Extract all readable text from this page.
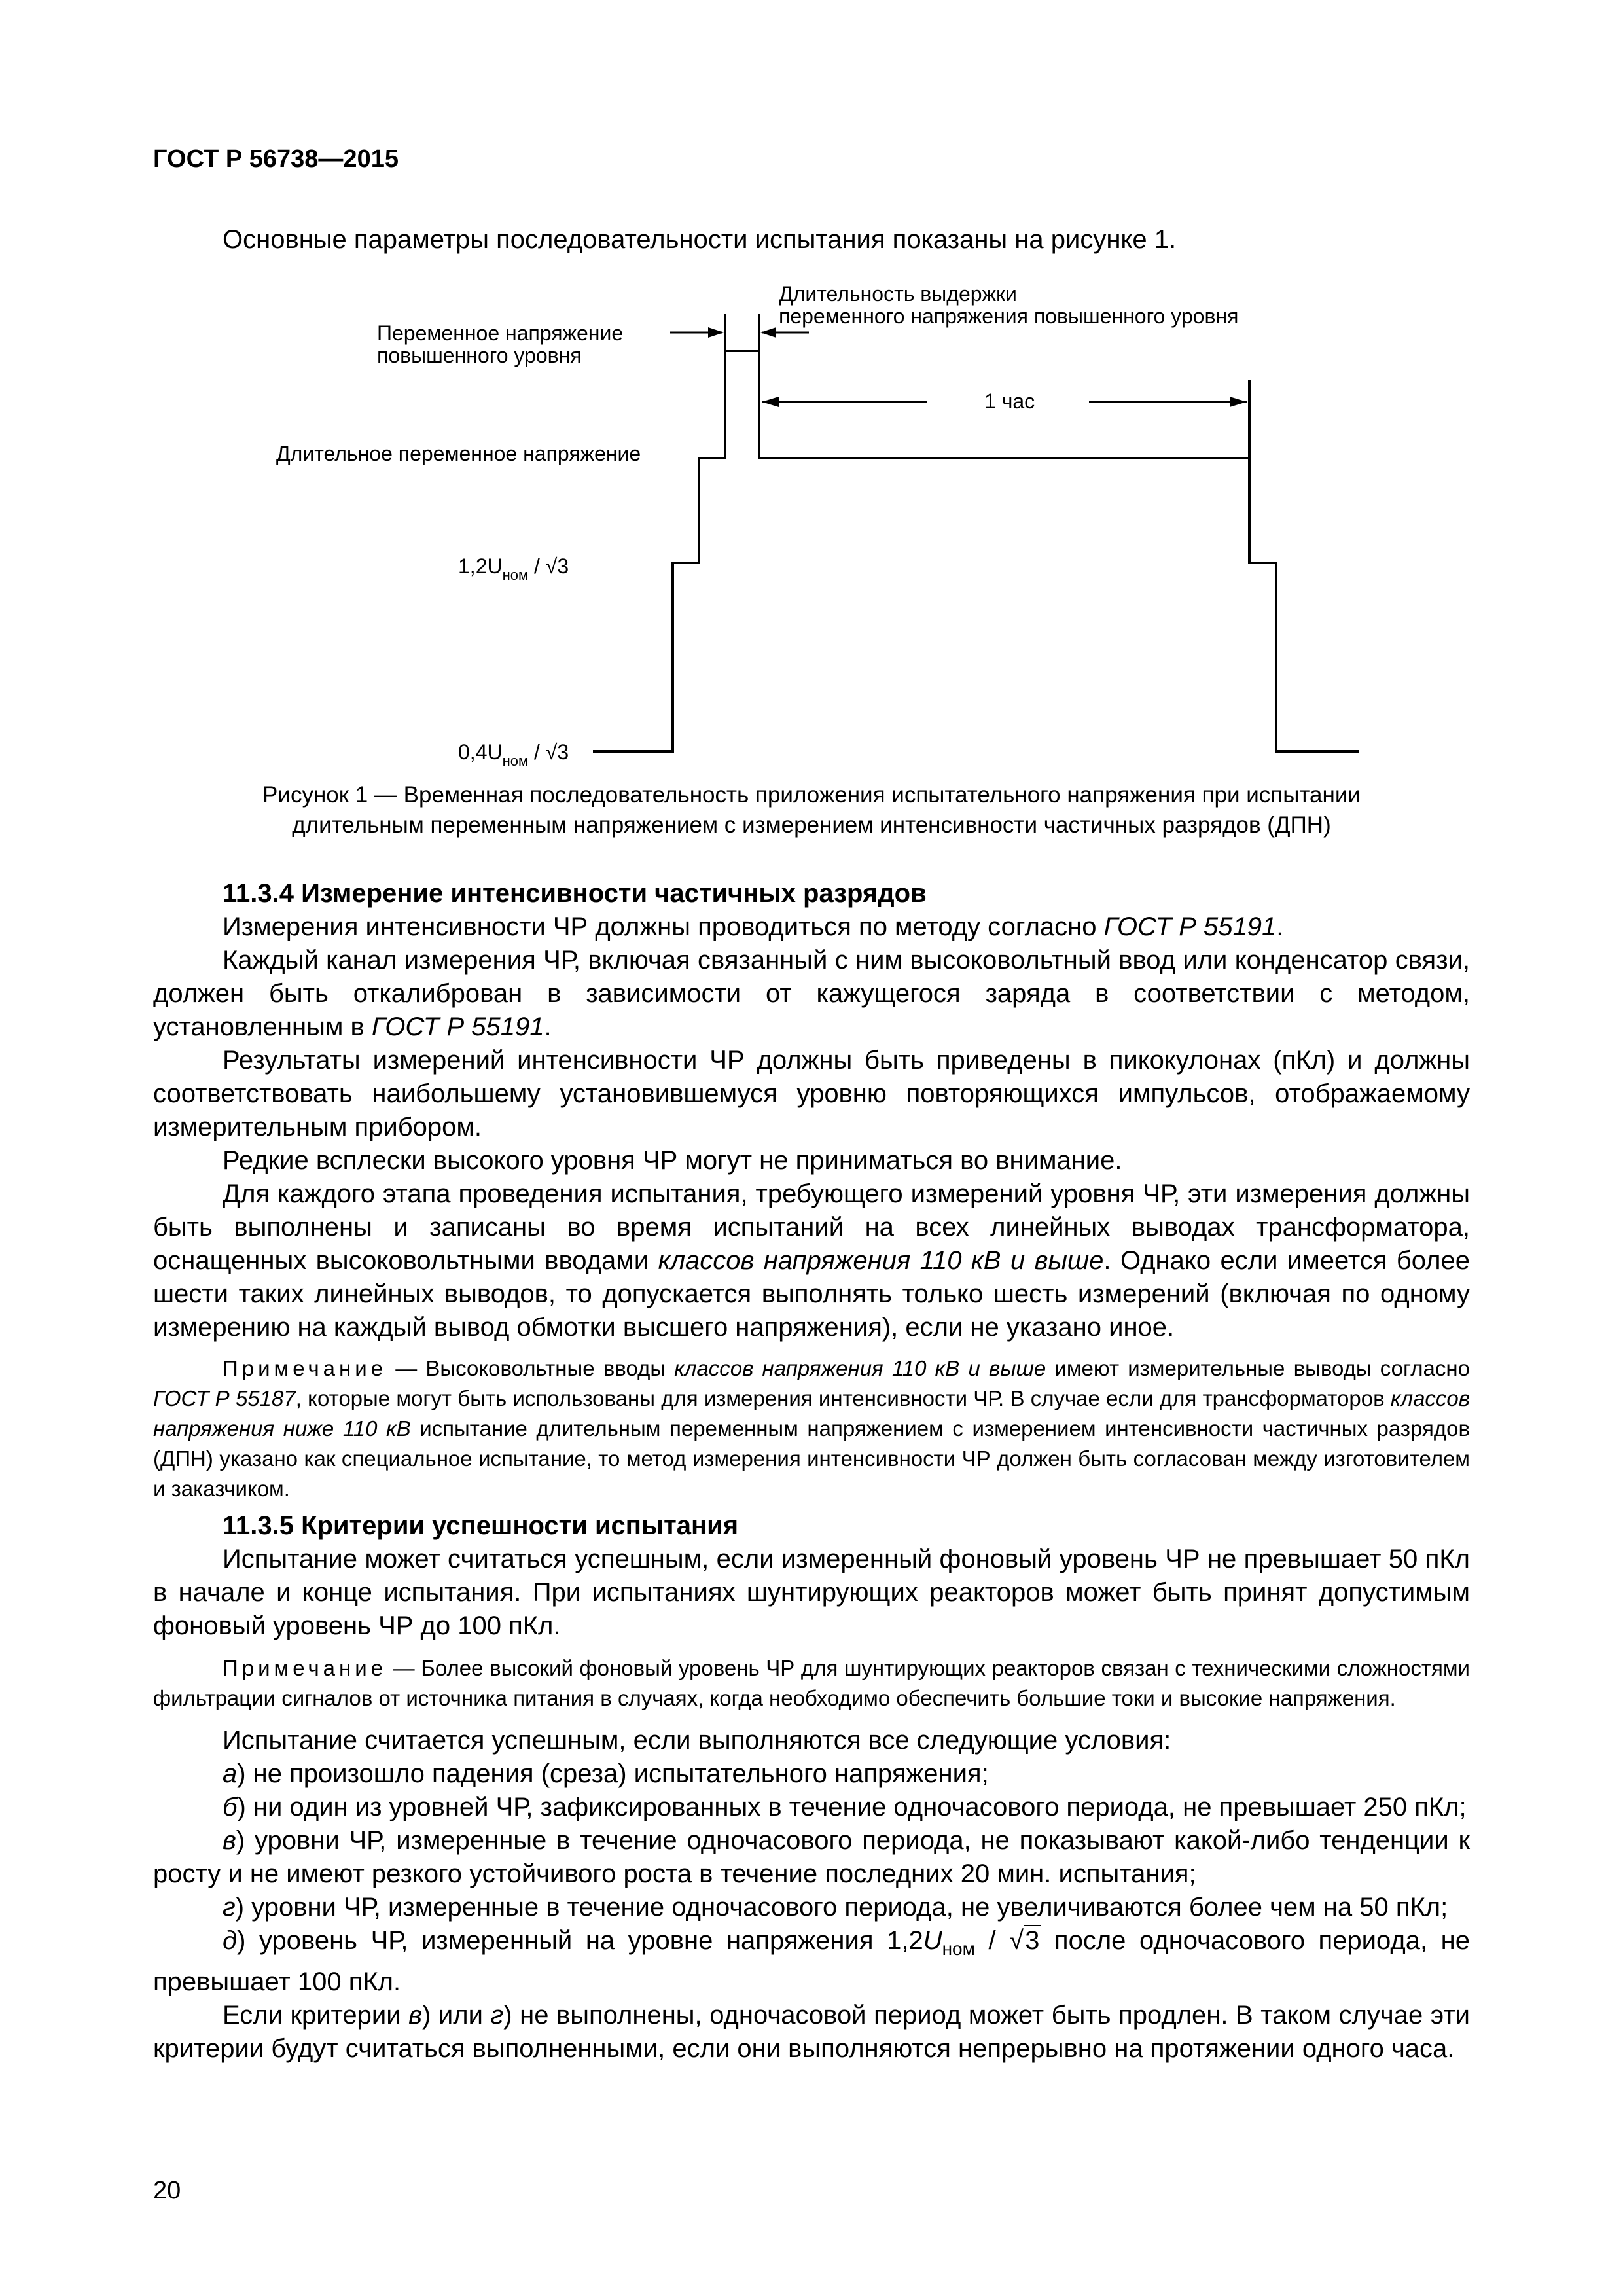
ГОСТ Р 56738—2015
Основные параметры последовательности испытания показаны на рисунке 1.
Длительность выдержки
переменного напряжения повышенного уровня
Переменное напряжение
повышенного уровня
1 час
Длительное переменное напряжение
$1,2U_{ном} / √3$
$0,4U_{ном} / √3$
Рисунок 1 — Временная последовательность приложения испытательного напряжения при испытании
длительным переменным напряжением с измерением интенсивности частичных разрядов (ДПН)

11.3.4 Измерение интенсивности частичных разрядов

Измерения интенсивности ЧР должны проводиться по методу согласно ГОСТ Р 55191.

Каждый канал измерения ЧР, включая связанный с ним высоковольтный ввод или конденсатор связи, должен быть откалиброван в зависимости от кажущегося заряда в соответствии с методом, установленным в ГОСТ Р 55191.

Результаты измерений интенсивности ЧР должны быть приведены в пикокулонах (пКл) и должны соответствовать наибольшему установившемуся уровню повторяющихся импульсов, отображаемому измерительным прибором.

Редкие всплески высокого уровня ЧР могут не приниматься во внимание.

Для каждого этапа проведения испытания, требующего измерений уровня ЧР, эти измерения должны быть выполнены и записаны во время испытаний на всех линейных выводах трансформатора, оснащенных высоковольтными вводами классов напряжения 110 кВ и выше. Однако если имеется более шести таких линейных выводов, то допускается выполнять только шесть измерений (включая по одному измерению на каждый вывод обмотки высшего напряжения), если не указано иное.

Примечание — Высоковольтные вводы классов напряжения 110 кВ и выше имеют измерительные выводы согласно ГОСТ Р 55187, которые могут быть использованы для измерения интенсивности ЧР. В случае если для трансформаторов классов напряжения ниже 110 кВ испытание длительным переменным напряжением с измерением интенсивности частичных разрядов (ДПН) указано как специальное испытание, то метод измерения интенсивности ЧР должен быть согласован между изготовителем и заказчиком.

11.3.5 Критерии успешности испытания

Испытание может считаться успешным, если измеренный фоновый уровень ЧР не превышает 50 пКл в начале и конце испытания. При испытаниях шунтирующих реакторов может быть принят допустимым фоновый уровень ЧР до 100 пКл.

Примечание — Более высокий фоновый уровень ЧР для шунтирующих реакторов связан с техническими сложностями фильтрации сигналов от источника питания в случаях, когда необходимо обеспечить большие токи и высокие напряжения.

Испытание считается успешным, если выполняются все следующие условия:

а) не произошло падения (среза) испытательного напряжения;

б) ни один из уровней ЧР, зафиксированных в течение одночасового периода, не превышает 250 пКл;

в) уровни ЧР, измеренные в течение одночасового периода, не показывают какой-либо тенденции к росту и не имеют резкого устойчивого роста в течение последних 20 мин. испытания;

г) уровни ЧР, измеренные в течение одночасового периода, не увеличиваются более чем на 50 пКл;

д) уровень ЧР, измеренный на уровне напряжения $1,2U_{ном} / √3$ после одночасового периода, не превышает 100 пКл.

Если критерии в) или г) не выполнены, одночасовой период может быть продлен. В таком случае эти критерии будут считаться выполненными, если они выполняются непрерывно на протяжении одного часа.

20
